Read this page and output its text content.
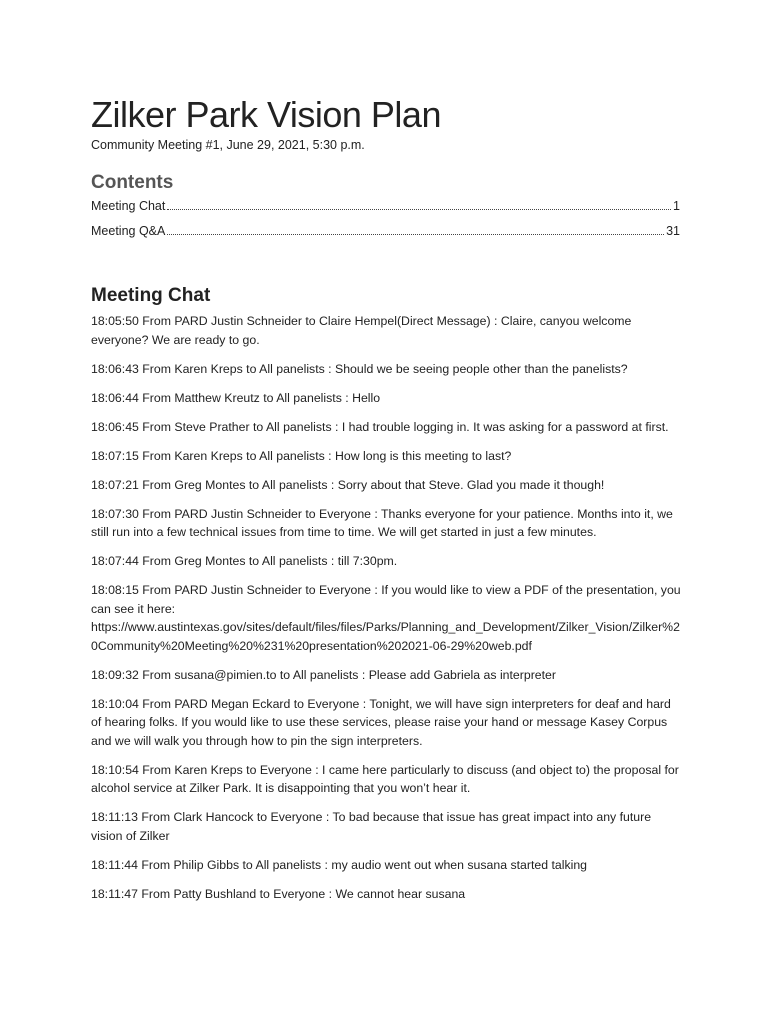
Zilker Park Vision Plan

Community Meeting #1, June 29, 2021, 5:30 p.m.

Contents
Meeting Chat	1
Meeting Q&A	31
Meeting Chat

18:05:50 From PARD Justin Schneider to Claire Hempel(Direct Message) : Claire, canyou welcome everyone? We are ready to go.

18:06:43 From Karen Kreps to All panelists : Should we be seeing people other than the panelists?

18:06:44 From Matthew Kreutz to All panelists : Hello

18:06:45 From Steve Prather to All panelists : I had trouble logging in. It was asking for a password at first.

18:07:15 From Karen Kreps to All panelists : How long is this meeting to last?

18:07:21 From Greg Montes to All panelists : Sorry about that Steve. Glad you made it though!

18:07:30 From PARD Justin Schneider to Everyone : Thanks everyone for your patience. Months into it, we still run into a few technical issues from time to time. We will get started in just a few minutes.

18:07:44 From Greg Montes to All panelists : till 7:30pm.

18:08:15 From PARD Justin Schneider to Everyone : If you would like to view a PDF of the presentation, you can see it here: https://www.austintexas.gov/sites/default/files/files/Parks/Planning_and_Development/Zilker_Vision/Zilker%20Community%20Meeting%20%231%20presentation%202021-06-29%20web.pdf

18:09:32 From susana@pimien.to to All panelists : Please add Gabriela as interpreter

18:10:04 From PARD Megan Eckard to Everyone : Tonight, we will have sign interpreters for deaf and hard of hearing folks. If you would like to use these services, please raise your hand or message Kasey Corpus and we will walk you through how to pin the sign interpreters.

18:10:54 From Karen Kreps to Everyone : I came here particularly to discuss (and object to) the proposal for alcohol service at Zilker Park. It is disappointing that you won’t hear it.

18:11:13 From Clark Hancock to Everyone : To bad because that issue has great impact into any future vision of Zilker

18:11:44 From Philip Gibbs to All panelists : my audio went out when susana started talking

18:11:47 From Patty Bushland to Everyone : We cannot hear susana
